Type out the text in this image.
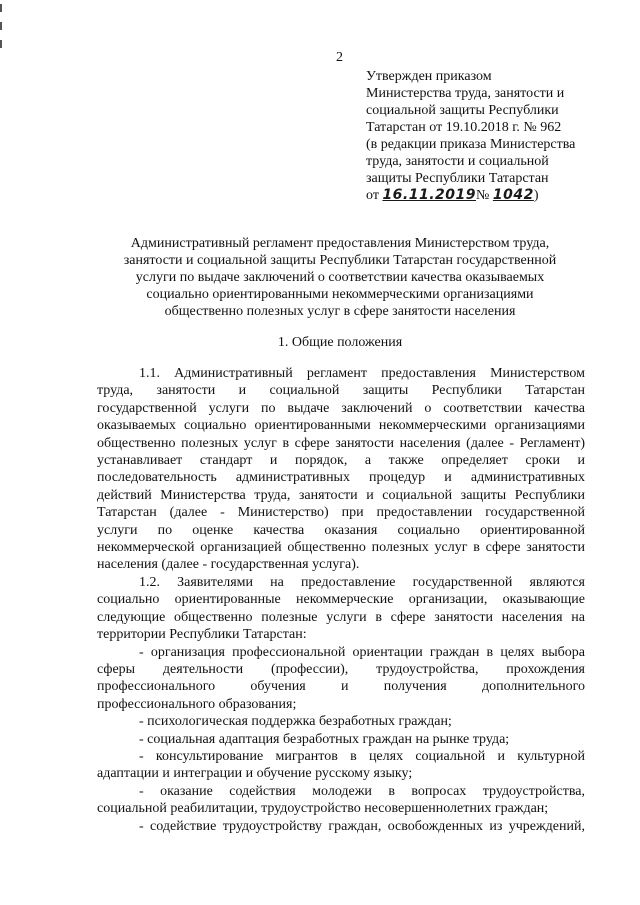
2
Утвержден приказом
Министерства труда, занятости и
социальной защиты Республики
Татарстан от 19.10.2018 г. № 962
(в редакции приказа Министерства
труда, занятости и социальной
защиты Республики Татарстан
от 16.11.2019№ 1042)
Административный регламент предоставления Министерством труда,
занятости и социальной защиты Республики Татарстан государственной
услуги по выдаче заключений о соответствии качества оказываемых
социально ориентированными некоммерческими организациями
общественно полезных услуг в сфере занятости населения
1. Общие положения
1.1. Административный регламент предоставления Министерством
труда, занятости и социальной защиты Республики Татарстан
государственной услуги по выдаче заключений о соответствии качества
оказываемых социально ориентированными некоммерческими организациями
общественно полезных услуг в сфере занятости населения (далее - Регламент)
устанавливает стандарт и порядок, а также определяет сроки и
последовательность административных процедур и административных
действий Министерства труда, занятости и социальной защиты Республики
Татарстан (далее - Министерство) при предоставлении государственной
услуги по оценке качества оказания социально ориентированной
некоммерческой организацией общественно полезных услуг в сфере занятости
населения (далее - государственная услуга).
1.2. Заявителями на предоставление государственной являются
социально ориентированные некоммерческие организации, оказывающие
следующие общественно полезные услуги в сфере занятости населения на
территории Республики Татарстан:
- организация профессиональной ориентации граждан в целях выбора
сферы деятельности (профессии), трудоустройства, прохождения
профессионального обучения и получения дополнительного
профессионального образования;
- психологическая поддержка безработных граждан;
- социальная адаптация безработных граждан на рынке труда;
- консультирование мигрантов в целях социальной и культурной
адаптации и интеграции и обучение русскому языку;
- оказание содействия молодежи в вопросах трудоустройства,
социальной реабилитации, трудоустройство несовершеннолетних граждан;
- содействие трудоустройству граждан, освобожденных из учреждений,
